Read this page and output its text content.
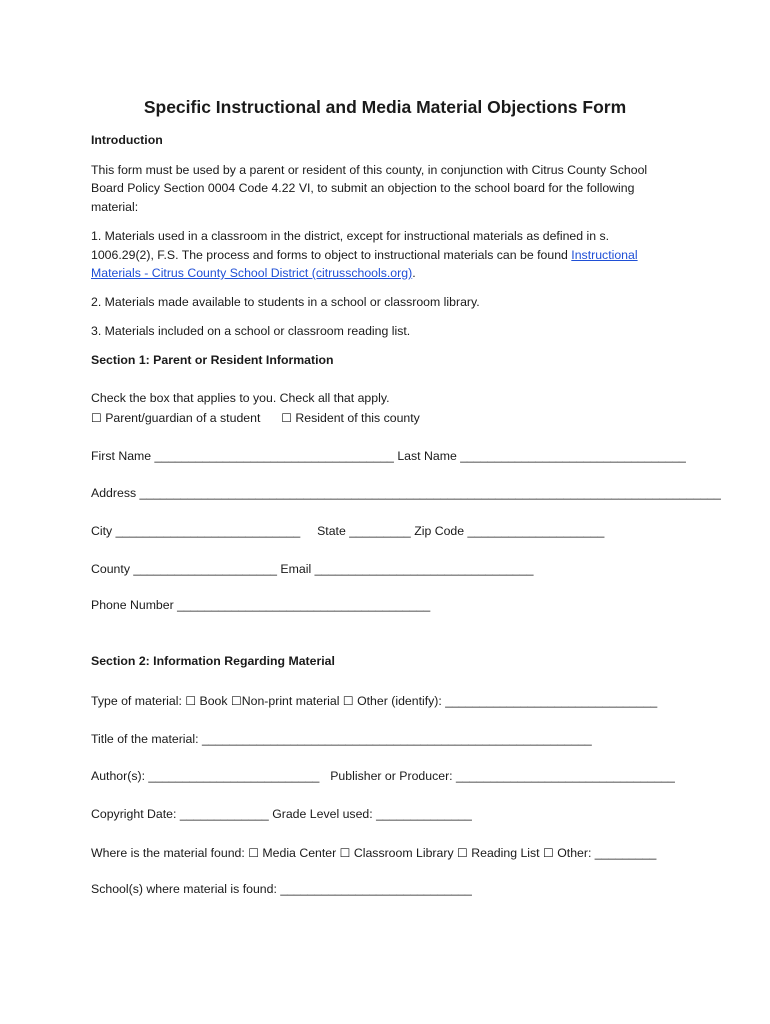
Specific Instructional and Media Material Objections Form
Introduction
This form must be used by a parent or resident of this county, in conjunction with Citrus County School
Board Policy Section 0004 Code 4.22 VI, to submit an objection to the school board for the following
material:
1. Materials used in a classroom in the district, except for instructional materials as defined in s.
1006.29(2), F.S. The process and forms to object to instructional materials can be found Instructional
Materials - Citrus County School District (citrusschools.org).
2. Materials made available to students in a school or classroom library.
3. Materials included on a school or classroom reading list.
Section 1: Parent or Resident Information
Check the box that applies to you. Check all that apply.
☐ Parent/guardian of a student ☐ Resident of this county
First Name ___________________________________ Last Name _________________________________
Address _____________________________________________________________________________________
City ___________________________ State _________ Zip Code ____________________
County _____________________ Email ________________________________
Phone Number _____________________________________
Section 2: Information Regarding Material
Type of material: ☐ Book ☐Non-print material ☐ Other (identify): _______________________________
Title of the material: _________________________________________________________
Author(s): _________________________ Publisher or Producer: ________________________________
Copyright Date: _____________ Grade Level used: ______________
Where is the material found: ☐ Media Center ☐ Classroom Library ☐ Reading List ☐ Other: _________
School(s) where material is found: ____________________________
